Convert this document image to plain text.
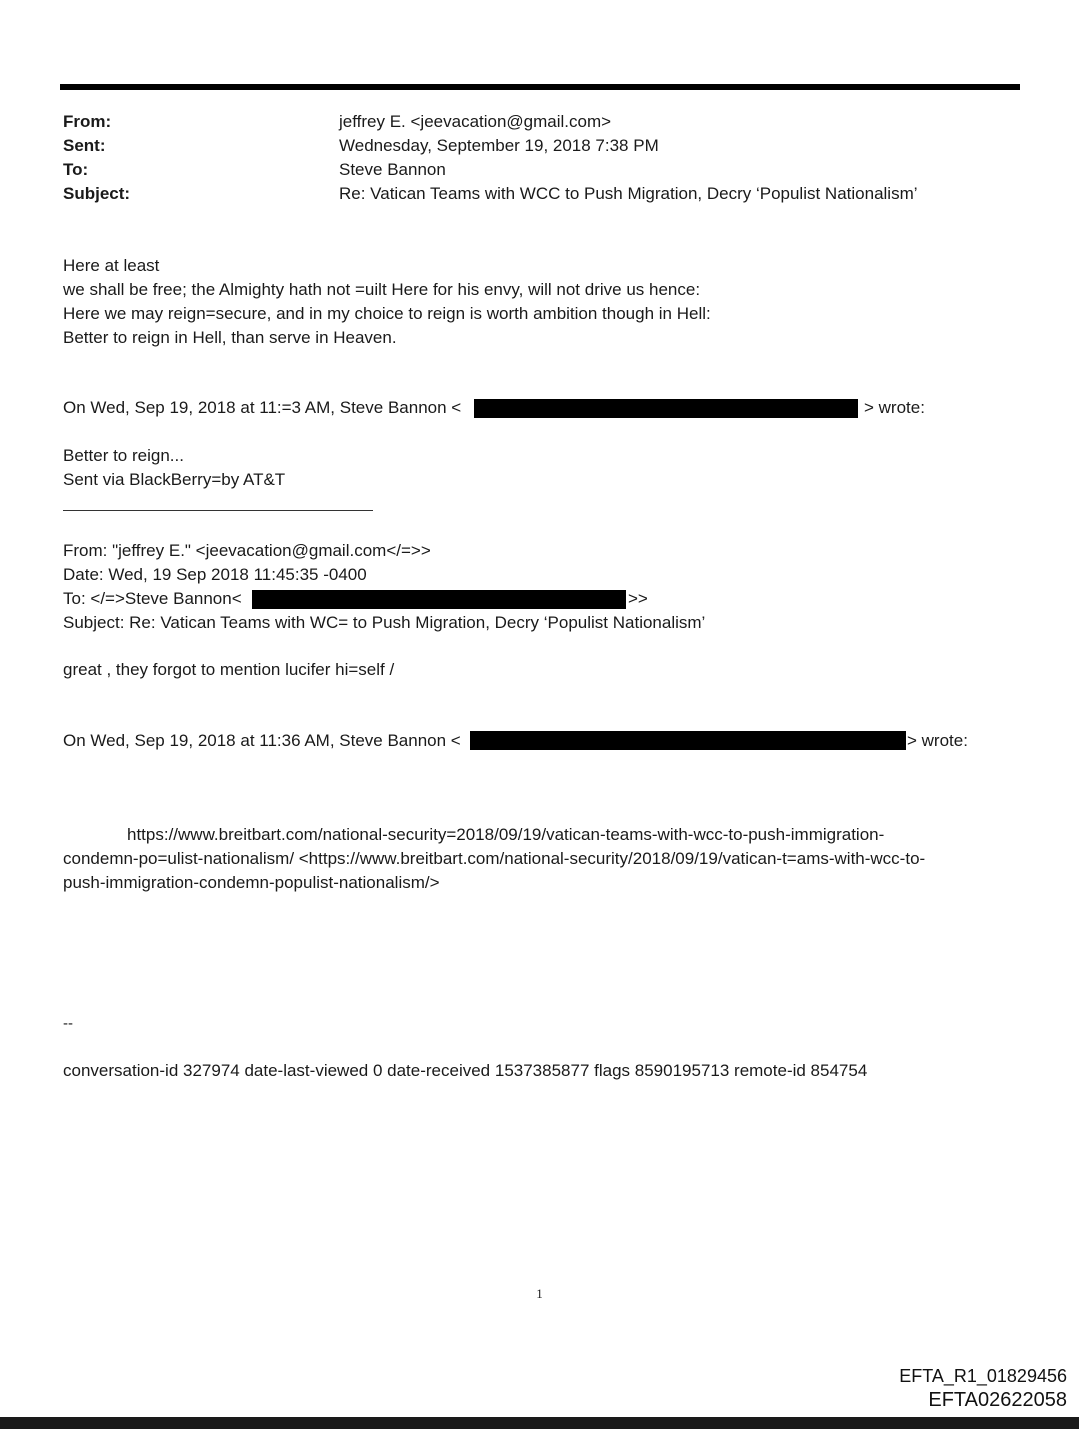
From:	jeffrey E. <jeevacation@gmail.com>
Sent:	Wednesday, September 19, 2018 7:38 PM
To:	Steve Bannon
Subject:	Re: Vatican Teams with WCC to Push Migration, Decry ‘Populist Nationalism’
Here at least
we shall be free; the Almighty hath not =uilt Here for his envy, will not drive us hence:
Here we may reign=secure, and in my choice to reign is worth ambition though in Hell:
Better to reign in Hell, than serve in Heaven.
On Wed, Sep 19, 2018 at 11:=3 AM, Steve Bannon <	> wrote:
Better to reign...
Sent via BlackBerry=by AT&T
From: "jeffrey E." <jeevacation@gmail.com</=>>
Date: Wed, 19 Sep 2018 11:45:35 -0400
To: </=>Steve Bannon<	>>
Subject: Re: Vatican Teams with WC= to Push Migration, Decry ‘Populist Nationalism’
great , they forgot to mention lucifer hi=self /
On Wed, Sep 19, 2018 at 11:36 AM, Steve Bannon <	> wrote:
https://www.breitbart.com/national-security=2018/09/19/vatican-teams-with-wcc-to-push-immigration-
condemn-po=ulist-nationalism/ <https://www.breitbart.com/national-security/2018/09/19/vatican-t=ams-with-wcc-to-
push-immigration-condemn-populist-nationalism/>
--
conversation-id 327974 date-last-viewed 0 date-received 1537385877 flags 8590195713 remote-id 854754
1
EFTA_R1_01829456
EFTA02622058
